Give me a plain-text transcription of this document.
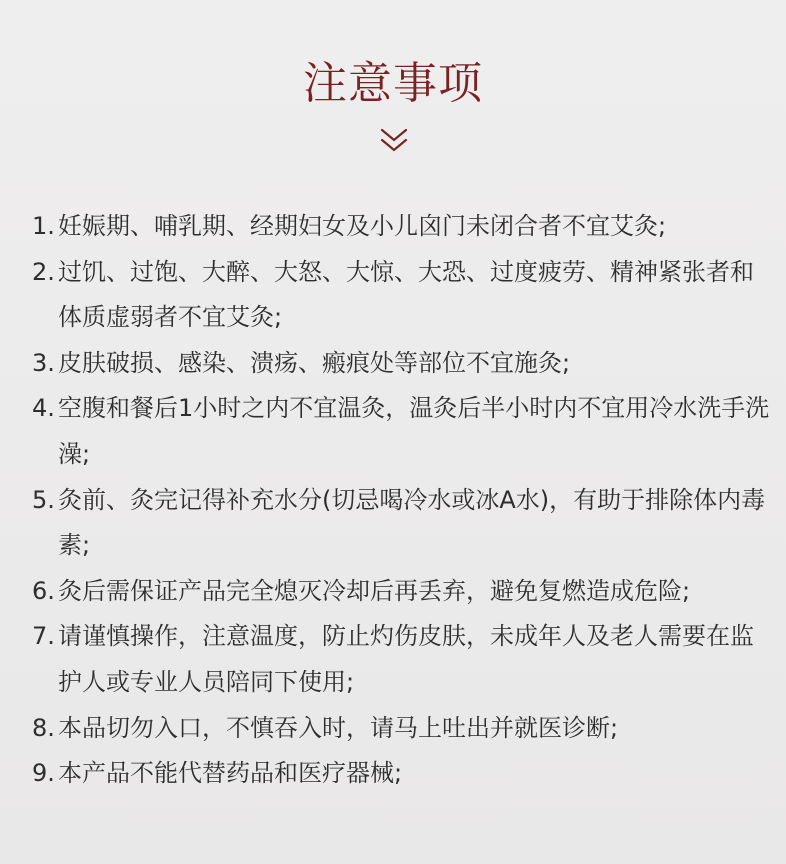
注意事项
1. 妊娠期、哺乳期、经期妇女及小儿囟门未闭合者不宜艾灸;
2. 过饥、过饱、大醉、大怒、大惊、大恐、过度疲劳、精神紧张者和体质虚弱者不宜艾灸;
3. 皮肤破损、感染、溃疡、瘢痕处等部位不宜施灸;
4. 空腹和餐后1小时之内不宜温灸，温灸后半小时内不宜用冷水洗手洗澡;
5. 灸前、灸完记得补充水分(切忌喝冷水或冰A水)，有助于排除体内毒素;
6. 灸后需保证产品完全熄灭冷却后再丢弃，避免复燃造成危险;
7. 请谨慎操作，注意温度，防止灼伤皮肤，未成年人及老人需要在监护人或专业人员陪同下使用;
8. 本品切勿入口，不慎吞入时，请马上吐出并就医诊断;
9. 本产品不能代替药品和医疗器械;
